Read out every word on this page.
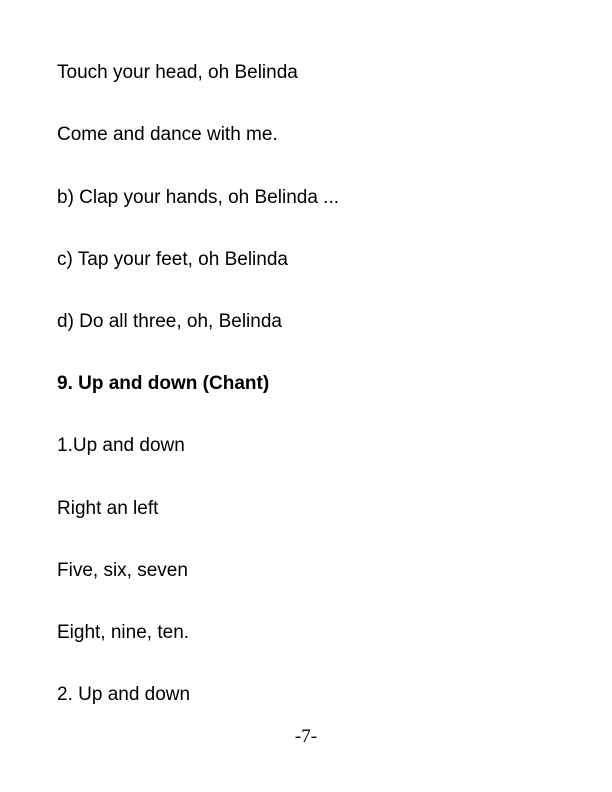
Touch your head, oh Belinda

Come and dance with me.

b) Clap your hands, oh Belinda ...

c) Tap your feet, oh Belinda

d) Do all three, oh, Belinda

9. Up and down (Chant)

1.Up and down

Right an left

Five, six, seven

Eight, nine, ten.

2. Up and down

-7-
